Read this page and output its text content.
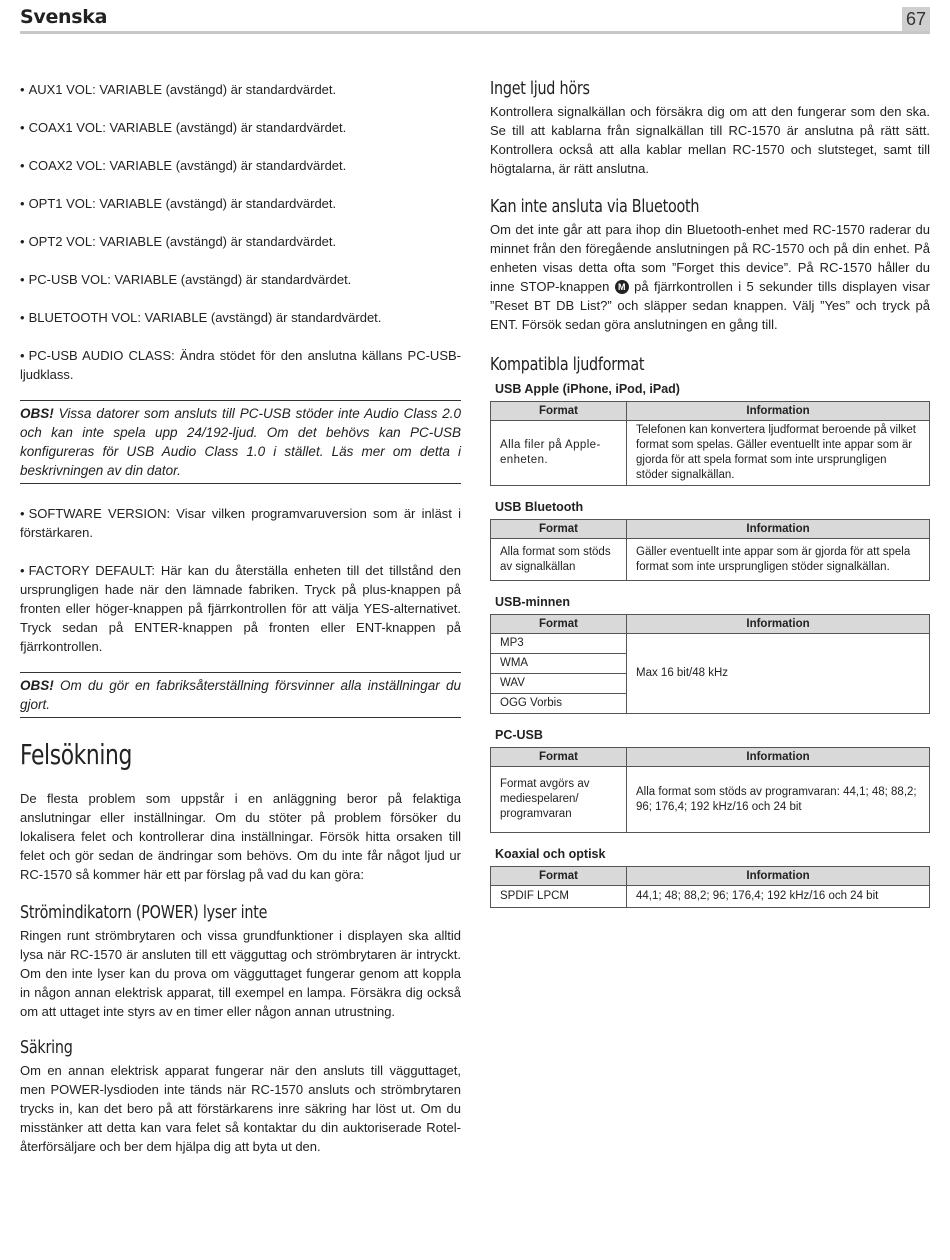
Svenska	67
• AUX1 VOL: VARIABLE (avstängd) är standardvärdet.
• COAX1 VOL: VARIABLE (avstängd) är standardvärdet.
• COAX2 VOL: VARIABLE (avstängd) är standardvärdet.
• OPT1 VOL: VARIABLE (avstängd) är standardvärdet.
• OPT2 VOL: VARIABLE (avstängd) är standardvärdet.
• PC-USB VOL: VARIABLE (avstängd) är standardvärdet.
• BLUETOOTH VOL: VARIABLE (avstängd) är standardvärdet.
• PC-USB AUDIO CLASS: Ändra stödet för den anslutna källans PC-USB-ljudklass.
OBS! Vissa datorer som ansluts till PC-USB stöder inte Audio Class 2.0 och kan inte spela upp 24/192-ljud. Om det behövs kan PC-USB konfigureras för USB Audio Class 1.0 i stället. Läs mer om detta i beskrivningen av din dator.
• SOFTWARE VERSION: Visar vilken programvaruversion som är inläst i förstärkaren.
• FACTORY DEFAULT: Här kan du återställa enheten till det tillstånd den ursprungligen hade när den lämnade fabriken. Tryck på plus-knappen på fronten eller höger-knappen på fjärrkontrollen för att välja YES-alternativet. Tryck sedan på ENTER-knappen på fronten eller ENT-knappen på fjärrkontrollen.
OBS! Om du gör en fabriksåterställning försvinner alla inställningar du gjort.
Felsökning
De flesta problem som uppstår i en anläggning beror på felaktiga anslutningar eller inställningar. Om du stöter på problem försöker du lokalisera felet och kontrollerar dina inställningar. Försök hitta orsaken till felet och gör sedan de ändringar som behövs. Om du inte får något ljud ur RC-1570 så kommer här ett par förslag på vad du kan göra:
Strömindikatorn (POWER) lyser inte
Ringen runt strömbrytaren och vissa grundfunktioner i displayen ska alltid lysa när RC-1570 är ansluten till ett vägguttag och strömbrytaren är intryckt. Om den inte lyser kan du prova om vägguttaget fungerar genom att koppla in någon annan elektrisk apparat, till exempel en lampa. Försäkra dig också om att uttaget inte styrs av en timer eller någon annan utrustning.
Säkring
Om en annan elektrisk apparat fungerar när den ansluts till vägguttaget, men POWER-lysdioden inte tänds när RC-1570 ansluts och strömbrytaren trycks in, kan det bero på att förstärkarens inre säkring har löst ut. Om du misstänker att detta kan vara felet så kontaktar du din auktoriserade Rotel-återförsäljare och ber dem hjälpa dig att byta ut den.
Inget ljud hörs
Kontrollera signalkällan och försäkra dig om att den fungerar som den ska. Se till att kablarna från signalkällan till RC-1570 är anslutna på rätt sätt. Kontrollera också att alla kablar mellan RC-1570 och slutsteget, samt till högtalarna, är rätt anslutna.
Kan inte ansluta via Bluetooth
Om det inte går att para ihop din Bluetooth-enhet med RC-1570 raderar du minnet från den föregående anslutningen på RC-1570 och på din enhet. På enheten visas detta ofta som ”Forget this device”. På RC-1570 håller du inne STOP-knappen M på fjärrkontrollen i 5 sekunder tills displayen visar ”Reset BT DB List?” och släpper sedan knappen. Välj ”Yes” och tryck på ENT. Försök sedan göra anslutningen en gång till.
Kompatibla ljudformat
USB Apple (iPhone, iPod, iPad)
Format	Information
Alla filer på Apple-enheten.	Telefonen kan konvertera ljudformat beroende på vilket format som spelas. Gäller eventuellt inte appar som är gjorda för att spela format som inte ursprungligen stöder signalkällan.
USB Bluetooth
Format	Information
Alla format som stöds av signalkällan	Gäller eventuellt inte appar som är gjorda för att spela format som inte ursprungligen stöder signalkällan.
USB-minnen
Format	Information
MP3	Max 16 bit/48 kHz
WMA	
WAV	
OGG Vorbis	
PC-USB
Format	Information
Format avgörs av mediespelaren/ programvaran	Alla format som stöds av programvaran: 44,1; 48; 88,2; 96; 176,4; 192 kHz/16 och 24 bit
Koaxial och optisk
Format	Information
SPDIF LPCM	44,1; 48; 88,2; 96; 176,4; 192 kHz/16 och 24 bit
